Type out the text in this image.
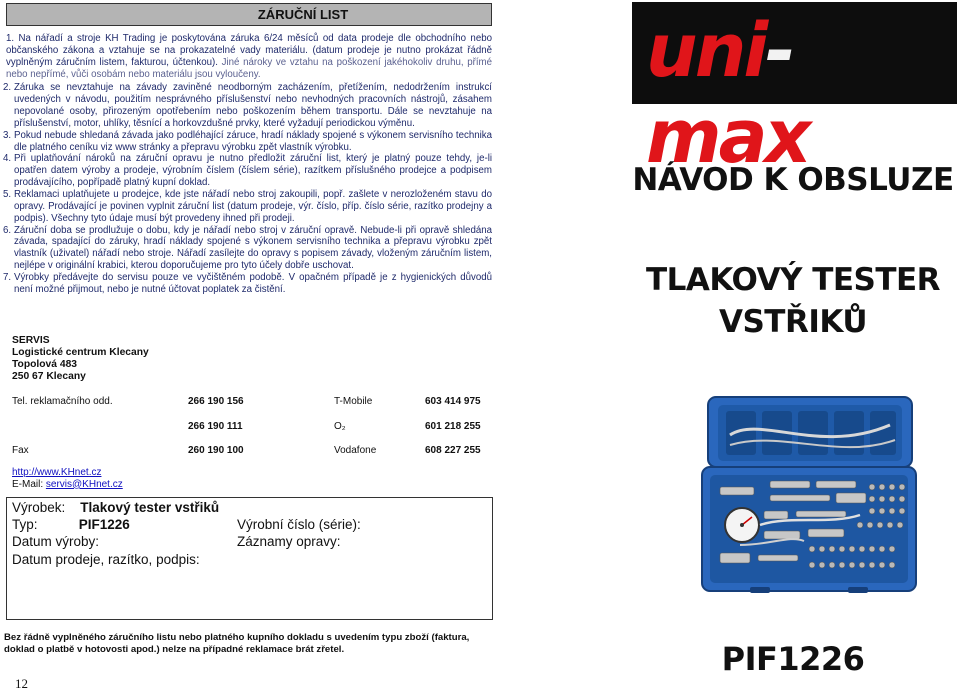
ZÁRUČNÍ LIST
1. Na nářadí a stroje KH Trading je poskytována záruka 6/24 měsíců od data prodeje dle obchodního nebo občanského zákona a vztahuje se na prokazatelné vady materiálu. (datum prodeje je nutno prokázat řádně vyplněným záručním listem, fakturou, účtenkou). Jiné nároky ve vztahu na poškození jakéhokoliv druhu, přímé nebo nepřímé, vůči osobám nebo materiálu jsou vyloučeny.
2. Záruka se nevztahuje na závady zaviněné neodborným zacházením, přetížením, nedodržením instrukcí uvedených v návodu, použitím nesprávného příslušenství nebo nevhodných pracovních nástrojů, zásahem nepovolané osoby, přirozeným opotřebením nebo poškozením během transportu. Dále se nevztahuje na příslušenství, motor, uhlíky, těsnící a horkovzdušné prvky, které vyžadují periodickou výměnu.
3. Pokud nebude shledaná závada jako podléhající záruce, hradí náklady spojené s výkonem servisního technika dle platného ceníku viz www stránky a přepravu výrobku zpět vlastník výrobku.
4. Při uplatňování nároků na záruční opravu je nutno předložit záruční list, který je platný pouze tehdy, je-li opatřen datem výroby a prodeje, výrobním číslem (číslem série), razítkem příslušného prodejce a podpisem prodávajícího, popřípadě platný kupní doklad.
5. Reklamaci uplatňujete u prodejce, kde jste nářadí nebo stroj zakoupili, popř. zašlete v nerozloženém stavu do opravy. Prodávající je povinen vyplnit záruční list (datum prodeje, výr. číslo, příp. číslo série, razítko prodejny a podpis). Všechny tyto údaje musí být provedeny ihned při prodeji.
6. Záruční doba se prodlužuje o dobu, kdy je nářadí nebo stroj v záruční opravě. Nebude-li při opravě shledána závada, spadající do záruky, hradí náklady spojené s výkonem servisního technika a přepravu výrobku zpět vlastník (uživatel) nářadí nebo stroje. Nářadí zasílejte do opravy s popisem závady, vloženým záručním listem, nejlépe v originální krabici, kterou doporučujeme pro tyto účely dobře uschovat.
7. Výrobky předávejte do servisu pouze ve vyčištěném podobě. V opačném případě je z hygienických důvodů není možné přijmout, nebo je nutné účtovat poplatek za čistění.
SERVIS
Logistické centrum Klecany
Topolová 483
250 67 Klecany
Tel. reklamačního odd.	266 190 156	T-Mobile	603 414 975
266 190 111	O₂	601 218 255
Fax	260 190 100	Vodafone	608 227 255
http://www.KHnet.cz
E-Mail: servis@KHnet.cz
Výrobek: Tlakový tester vstřiků
Typ:	PIF1226	Výrobní číslo (série):
Datum výroby:	Záznamy opravy:
Datum prodeje, razítko, podpis:
Bez řádně vyplněného záručního listu nebo platného kupního dokladu s uvedením typu zboží (faktura, doklad o platbě v hotovosti apod.) nelze na případné reklamace brát zřetel.
12
uni-max
NÁVOD K OBSLUZE
TLAKOVÝ TESTER
VSTŘIKŮ
PIF1226
